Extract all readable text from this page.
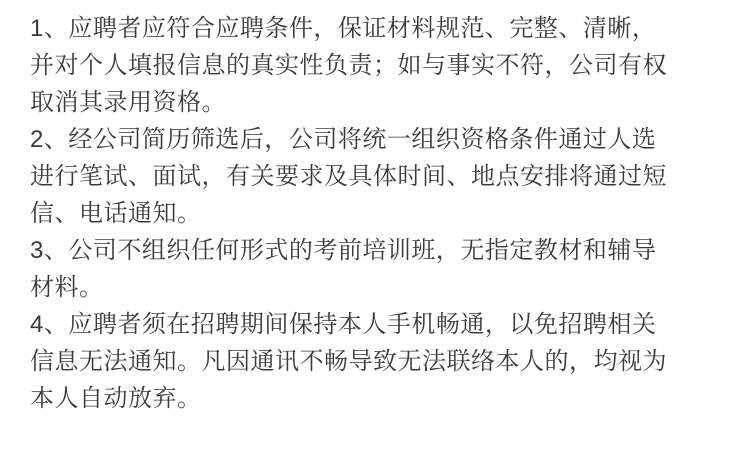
1、应聘者应符合应聘条件，保证材料规范、完整、清晰，
并对个人填报信息的真实性负责；如与事实不符，公司有权
取消其录用资格。
2、经公司简历筛选后，公司将统一组织资格条件通过人选
进行笔试、面试，有关要求及具体时间、地点安排将通过短
信、电话通知。
3、公司不组织任何形式的考前培训班，无指定教材和辅导
材料。
4、应聘者须在招聘期间保持本人手机畅通，以免招聘相关
信息无法通知。凡因通讯不畅导致无法联络本人的，均视为
本人自动放弃。
